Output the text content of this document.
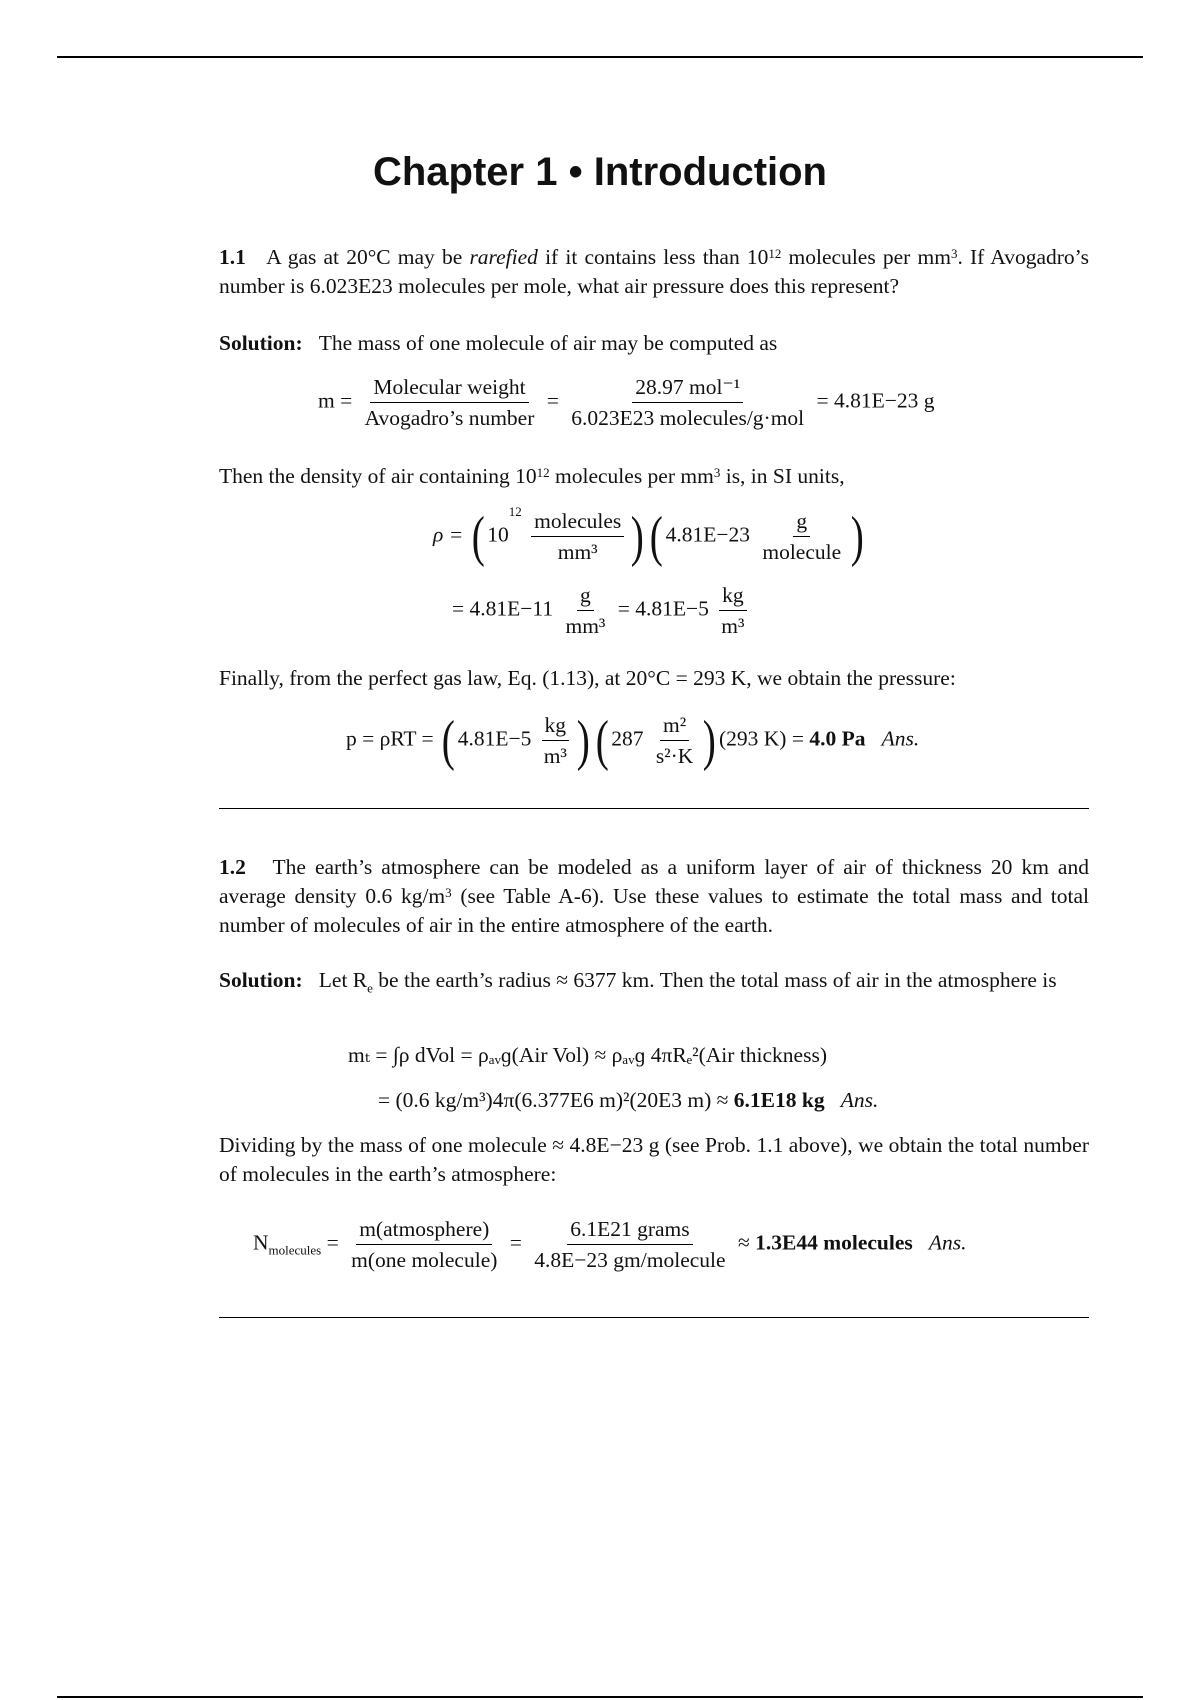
Chapter 1 • Introduction
1.1 A gas at 20°C may be rarefied if it contains less than $10^{12}$ molecules per $mm^3$. If Avogadro’s number is 6.023E23 molecules per mole, what air pressure does this represent?
Solution: The mass of one molecule of air may be computed as
$m = \frac{\text{Molecular weight}}{\text{Avogadro’s number}} = \frac{\text{28.97 mol⁻¹}}{\text{6.023E23 molecules/g·mol}} = 4.81E-23$ g
Then the density of air containing $10^{12}$ molecules per $mm^3$ is, in SI units,
ρ = ( $10^{12} \frac{\text{molecules}}{\text{mm³}}$ )( $4.81E-23 \frac{g}{\text{molecule}}$ )
= $4.81E-11 \frac{g}{\text{mm³}} = 4.81E-5 \frac{kg}{\text{m³}}$
Finally, from the perfect gas law, Eq. (1.13), at 20°C = 293 K, we obtain the pressure:
p = ρRT = ( $4.81E-5 \frac{kg}{\text{m³}}$ )( $287 \frac{\text{m²}}{\text{s²·K}}$ ) (293 K) = 4.0 Pa Ans.
1.2 The earth’s atmosphere can be modeled as a uniform layer of air of thickness 20 km and average density 0.6 $kg/m^3$ (see Table A-6). Use these values to estimate the total mass and total number of molecules of air in the entire atmosphere of the earth.
Solution: Let $R_e$ be the earth’s radius ≈ 6377 km. Then the total mass of air in the atmosphere is
mₜ = ∫ρ dVol = ρₐᵥɡ(Air Vol) ≈ ρₐᵥɡ 4πRₑ²(Air thickness)
= (0.6 kg/m³)4π(6.377E6 m)²(20E3 m) ≈ 6.1E18 kg Ans.
Dividing by the mass of one molecule ≈ 4.8E−23 g (see Prob. 1.1 above), we obtain the total number of molecules in the earth’s atmosphere:
$N_{molecules} = \frac{\text{m(atmosphere)}}{\text{m(one molecule)}} = \frac{\text{6.1E21 grams}}{\text{4.8E−23 gm/molecule}} \approx 1.3E44$ molecules Ans.
